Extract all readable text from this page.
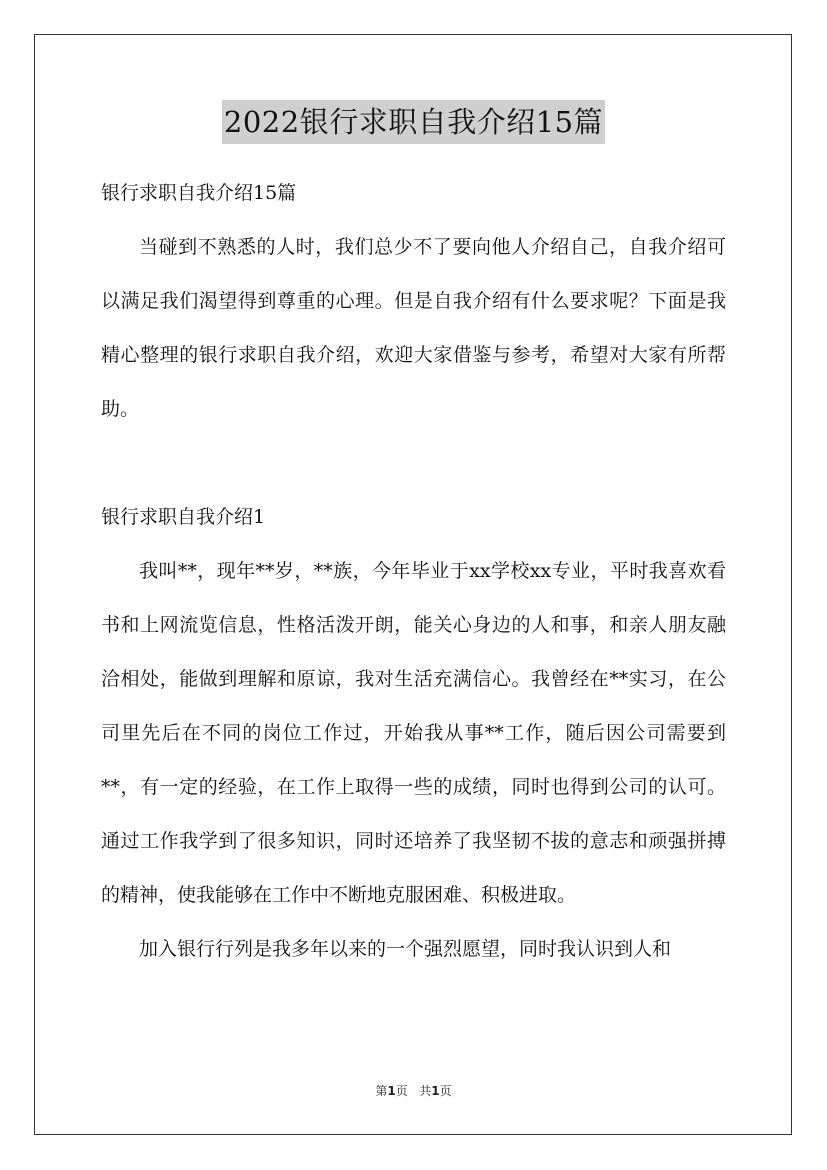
2022银行求职自我介绍15篇

银行求职自我介绍15篇

当碰到不熟悉的人时，我们总少不了要向他人介绍自己，自我介绍可以满足我们渴望得到尊重的心理。但是自我介绍有什么要求呢？下面是我精心整理的银行求职自我介绍，欢迎大家借鉴与参考，希望对大家有所帮助。

银行求职自我介绍1

我叫**，现年**岁，**族，今年毕业于xx学校xx专业，平时我喜欢看书和上网流览信息，性格活泼开朗，能关心身边的人和事，和亲人朋友融洽相处，能做到理解和原谅，我对生活充满信心。我曾经在**实习，在公司里先后在不同的岗位工作过，开始我从事**工作，随后因公司需要到**，有一定的经验，在工作上取得一些的成绩，同时也得到公司的认可。通过工作我学到了很多知识，同时还培养了我坚韧不拔的意志和顽强拼搏的精神，使我能够在工作中不断地克服困难、积极进取。

加入银行行列是我多年以来的一个强烈愿望，同时我认识到人和

第1页 共1页
